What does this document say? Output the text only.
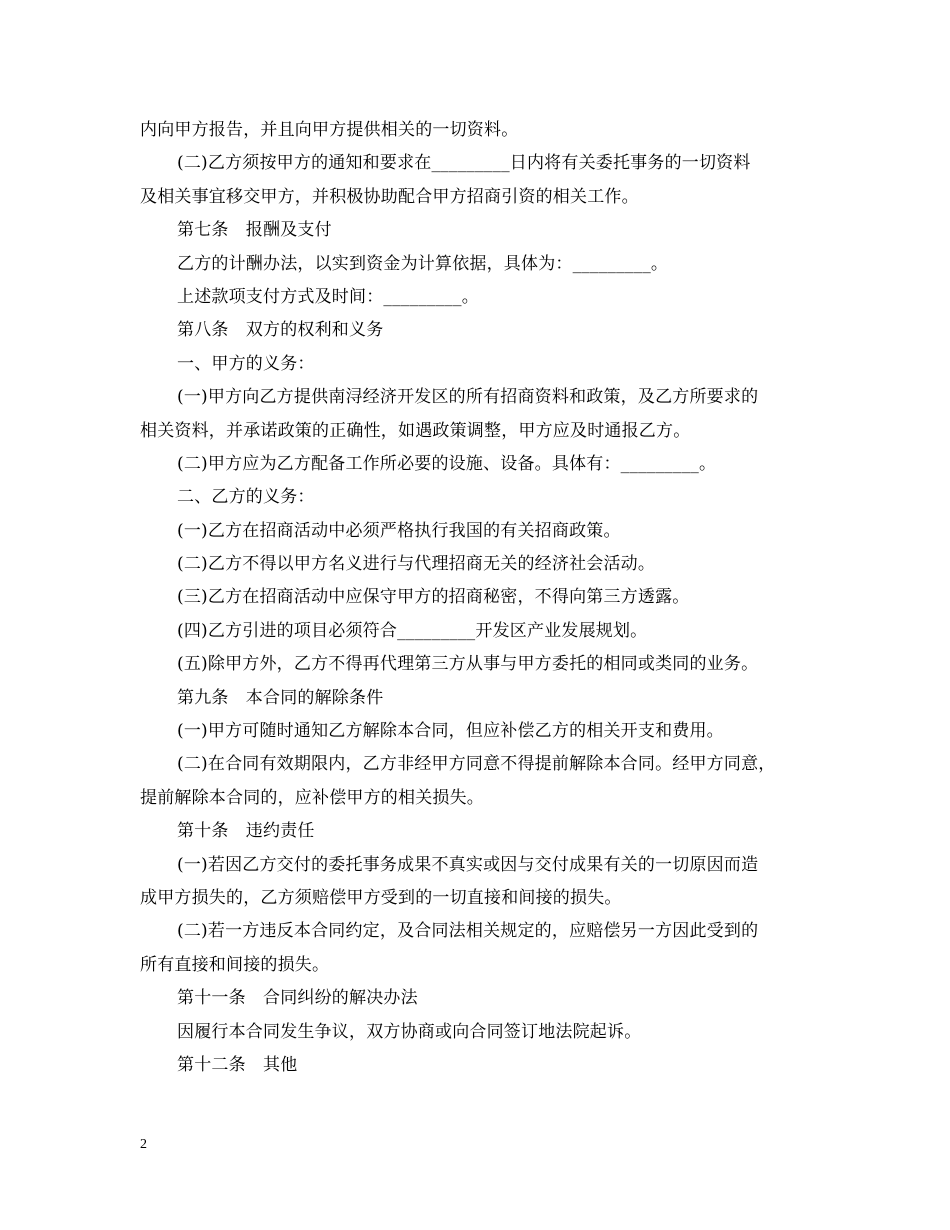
内向甲方报告，并且向甲方提供相关的一切资料。
(二)乙方须按甲方的通知和要求在_________日内将有关委托事务的一切资料
及相关事宜移交甲方，并积极协助配合甲方招商引资的相关工作。
第七条　报酬及支付
乙方的计酬办法，以实到资金为计算依据，具体为：_________。
上述款项支付方式及时间：_________。
第八条　双方的权利和义务
一、甲方的义务：
(一)甲方向乙方提供南浔经济开发区的所有招商资料和政策，及乙方所要求的
相关资料，并承诺政策的正确性，如遇政策调整，甲方应及时通报乙方。
(二)甲方应为乙方配备工作所必要的设施、设备。具体有：_________。
二、乙方的义务：
(一)乙方在招商活动中必须严格执行我国的有关招商政策。
(二)乙方不得以甲方名义进行与代理招商无关的经济社会活动。
(三)乙方在招商活动中应保守甲方的招商秘密，不得向第三方透露。
(四)乙方引进的项目必须符合_________开发区产业发展规划。
(五)除甲方外，乙方不得再代理第三方从事与甲方委托的相同或类同的业务。
第九条　本合同的解除条件
(一)甲方可随时通知乙方解除本合同，但应补偿乙方的相关开支和费用。
(二)在合同有效期限内，乙方非经甲方同意不得提前解除本合同。经甲方同意，
提前解除本合同的，应补偿甲方的相关损失。
第十条　违约责任
(一)若因乙方交付的委托事务成果不真实或因与交付成果有关的一切原因而造
成甲方损失的，乙方须赔偿甲方受到的一切直接和间接的损失。
(二)若一方违反本合同约定，及合同法相关规定的，应赔偿另一方因此受到的
所有直接和间接的损失。
第十一条　合同纠纷的解决办法
因履行本合同发生争议，双方协商或向合同签订地法院起诉。
第十二条　其他
2
